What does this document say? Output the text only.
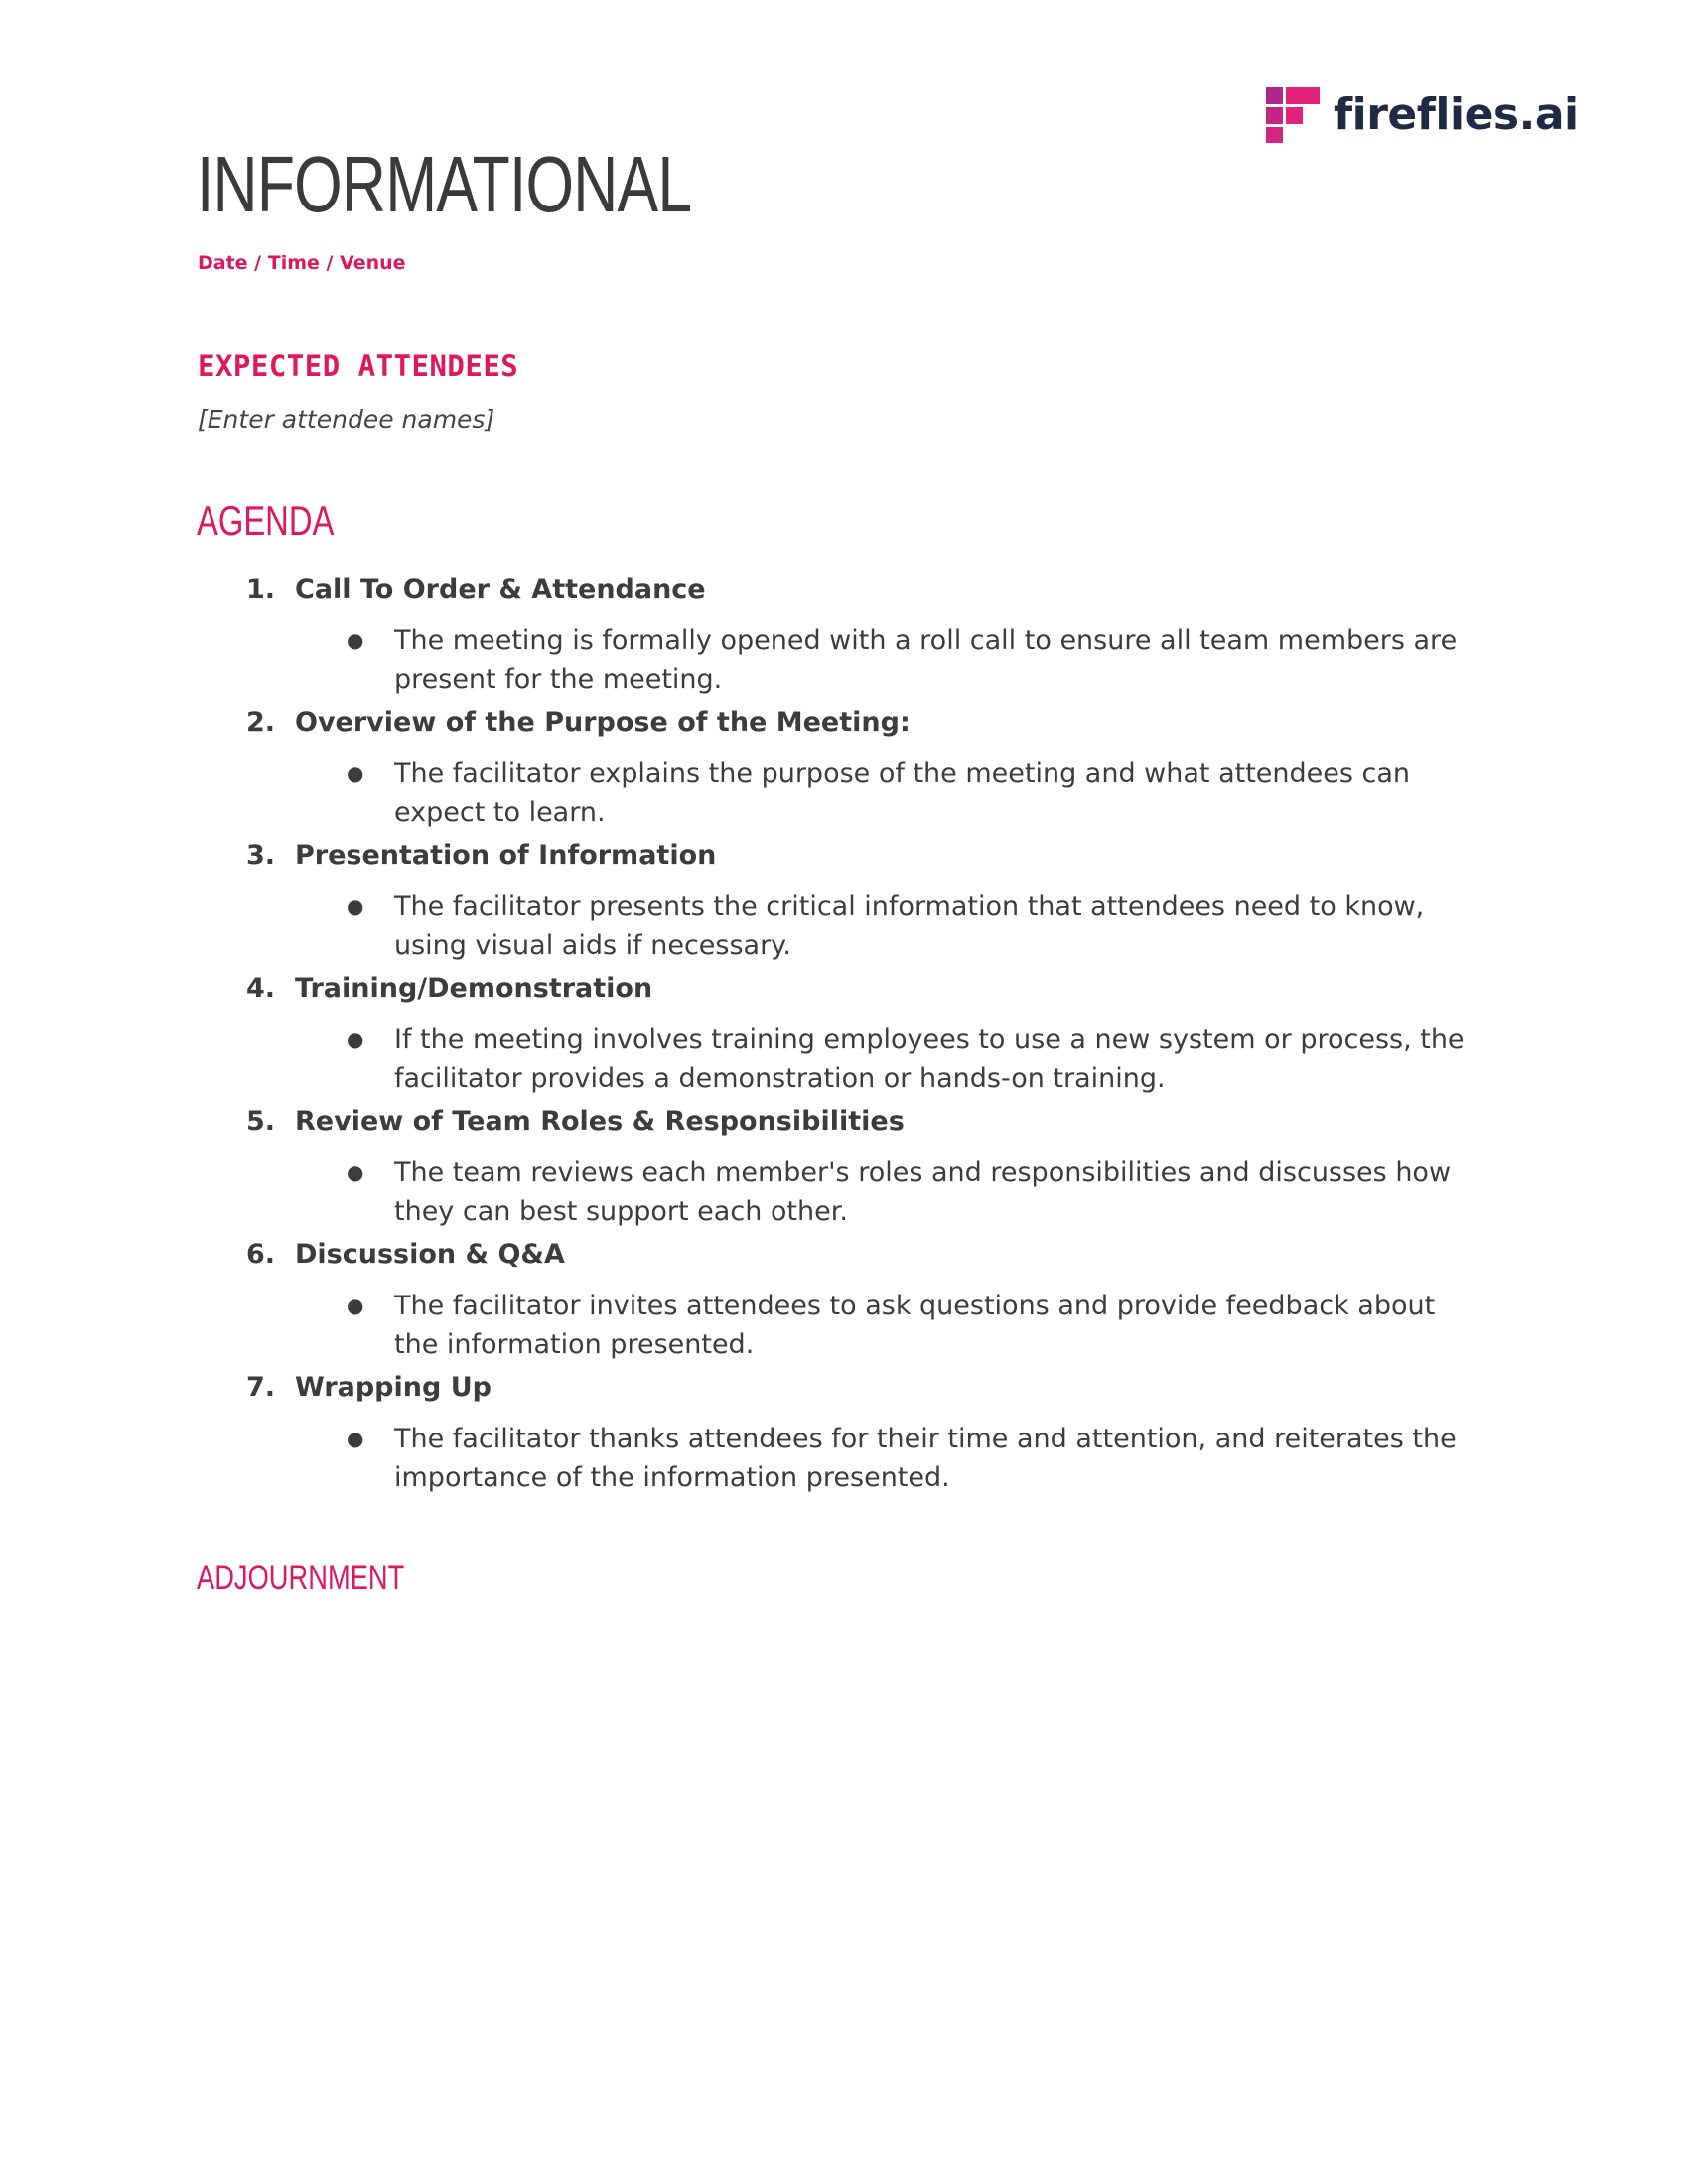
fireflies.ai
INFORMATIONAL
Date / Time / Venue
EXPECTED ATTENDEES
[Enter attendee names]
AGENDA
1. Call To Order & Attendance
● The meeting is formally opened with a roll call to ensure all team members are present for the meeting.
2. Overview of the Purpose of the Meeting:
● The facilitator explains the purpose of the meeting and what attendees can expect to learn.
3. Presentation of Information
● The facilitator presents the critical information that attendees need to know, using visual aids if necessary.
4. Training/Demonstration
● If the meeting involves training employees to use a new system or process, the facilitator provides a demonstration or hands-on training.
5. Review of Team Roles & Responsibilities
● The team reviews each member's roles and responsibilities and discusses how they can best support each other.
6. Discussion & Q&A
● The facilitator invites attendees to ask questions and provide feedback about the information presented.
7. Wrapping Up
● The facilitator thanks attendees for their time and attention, and reiterates the importance of the information presented.
ADJOURNMENT
